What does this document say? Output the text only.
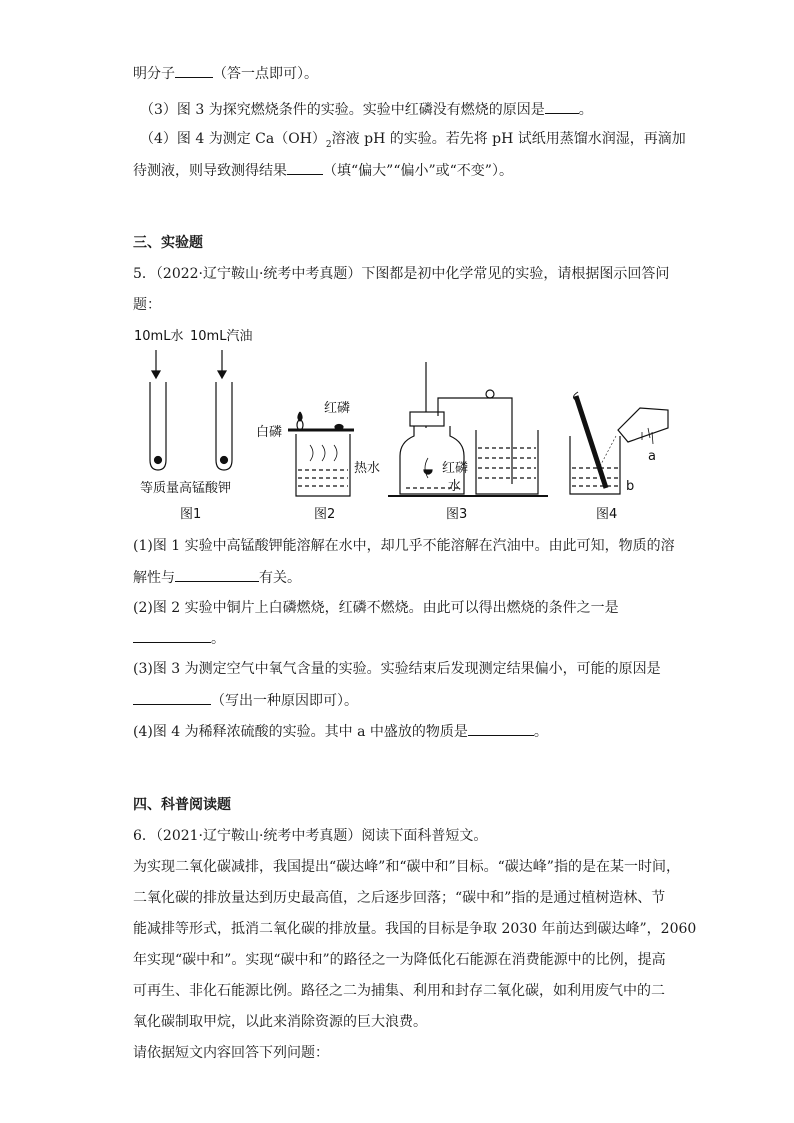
明分子	（答一点即可）。
（3）图 3 为探究燃烧条件的实验。实验中红磷没有燃烧的原因是 。
（4）图 4 为测定 $Ca(OH)_2$溶液 pH 的实验。若先将 pH 试纸用蒸馏水润湿，再滴加
待测液，则导致测得结果	（填“偏大”“偏小”或“不变”）。
三、实验题
5．（2022·辽宁鞍山·统考中考真题）下图都是初中化学常见的实验，请根据图示回答问
题：
10mL水 10mL汽油
等质量高锰酸钾
白磷
红磷
热水	红磷
水
a
b
图1	图2	图3	图4
(1)图 1 实验中高锰酸钾能溶解在水中，却几乎不能溶解在汽油中。由此可知，物质的溶
解性与	有关。
(2)图 2 实验中铜片上白磷燃烧，红磷不燃烧。由此可以得出燃烧的条件之一是
。
(3)图 3 为测定空气中氧气含量的实验。实验结束后发现测定结果偏小，可能的原因是
（写出一种原因即可）。
(4)图 4 为稀释浓硫酸的实验。其中 a 中盛放的物质是	。
四、科普阅读题
6．（2021·辽宁鞍山·统考中考真题）阅读下面科普短文。
为实现二氧化碳减排，我国提出“碳达峰”和“碳中和”目标。“碳达峰”指的是在某一时间，
二氧化碳的排放量达到历史最高值，之后逐步回落；“碳中和”指的是通过植树造林、节
能减排等形式，抵消二氧化碳的排放量。我国的目标是争取 2030 年前达到碳达峰”，2060
年实现“碳中和”。实现“碳中和”的路径之一为降低化石能源在消费能源中的比例，提高
可再生、非化石能源比例。路径之二为捕集、利用和封存二氧化碳，如利用废气中的二
氧化碳制取甲烷，以此来消除资源的巨大浪费。
请依据短文内容回答下列问题：
